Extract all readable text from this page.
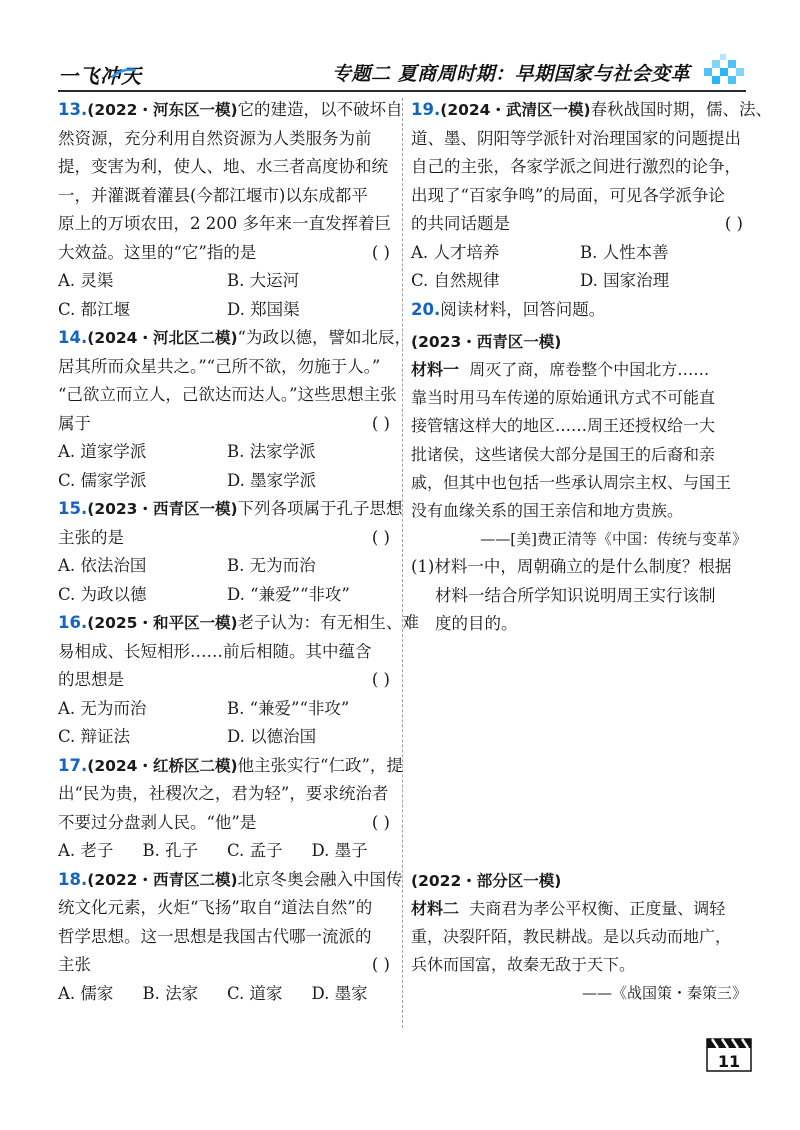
一飞冲天	专题二 夏商周时期：早期国家与社会变革
13.(2022・河东区一模)它的建造，以不破坏自
然资源，充分利用自然资源为人类服务为前
提，变害为利，使人、地、水三者高度协和统
一，并灌溉着灌县(今都江堰市)以东成都平
原上的万顷农田，2 200 多年来一直发挥着巨
大效益。这里的“它”指的是	( )
A. 灵渠	B. 大运河
C. 都江堰	D. 郑国渠
14.(2024・河北区二模)“为政以德，譬如北辰，
居其所而众星共之。”“己所不欲，勿施于人。”
“己欲立而立人，己欲达而达人。”这些思想主张
属于	( )
A. 道家学派	B. 法家学派
C. 儒家学派	D. 墨家学派
15.(2023・西青区一模)下列各项属于孔子思想
主张的是	( )
A. 依法治国	B. 无为而治
C. 为政以德	D. “兼爱”“非攻”
16.(2025・和平区一模)老子认为：有无相生、难
易相成、长短相形……前后相随。其中蕴含
的思想是	( )
A. 无为而治	B. “兼爱”“非攻”
C. 辩证法	D. 以德治国
17.(2024・红桥区二模)他主张实行“仁政”，提
出“民为贵，社稷次之，君为轻”，要求统治者
不要过分盘剥人民。“他”是	( )
A. 老子	B. 孔子	C. 孟子	D. 墨子
18.(2022・西青区二模)北京冬奥会融入中国传
统文化元素，火炬“飞扬”取自“道法自然”的
哲学思想。这一思想是我国古代哪一流派的
主张	( )
A. 儒家	B. 法家	C. 道家	D. 墨家
19.(2024・武清区一模)春秋战国时期，儒、法、
道、墨、阴阳等学派针对治理国家的问题提出
自己的主张，各家学派之间进行激烈的论争，
出现了“百家争鸣”的局面，可见各学派争论
的共同话题是	( )
A. 人才培养	B. 人性本善
C. 自然规律	D. 国家治理
20.阅读材料，回答问题。
(2023・西青区一模)
材料一 周灭了商，席卷整个中国北方……
靠当时用马车传递的原始通讯方式不可能直
接管辖这样大的地区……周王还授权给一大
批诸侯，这些诸侯大部分是国王的后裔和亲
戚，但其中也包括一些承认周宗主权、与国王
没有血缘关系的国王亲信和地方贵族。
——[美]费正清等《中国：传统与变革》
(1)材料一中，周朝确立的是什么制度？根据
材料一结合所学知识说明周王实行该制
度的目的。
(2022・部分区一模)
材料二 夫商君为孝公平权衡、正度量、调轻
重，决裂阡陌，教民耕战。是以兵动而地广，
兵休而国富，故秦无敌于天下。
——《战国策・秦策三》
11
